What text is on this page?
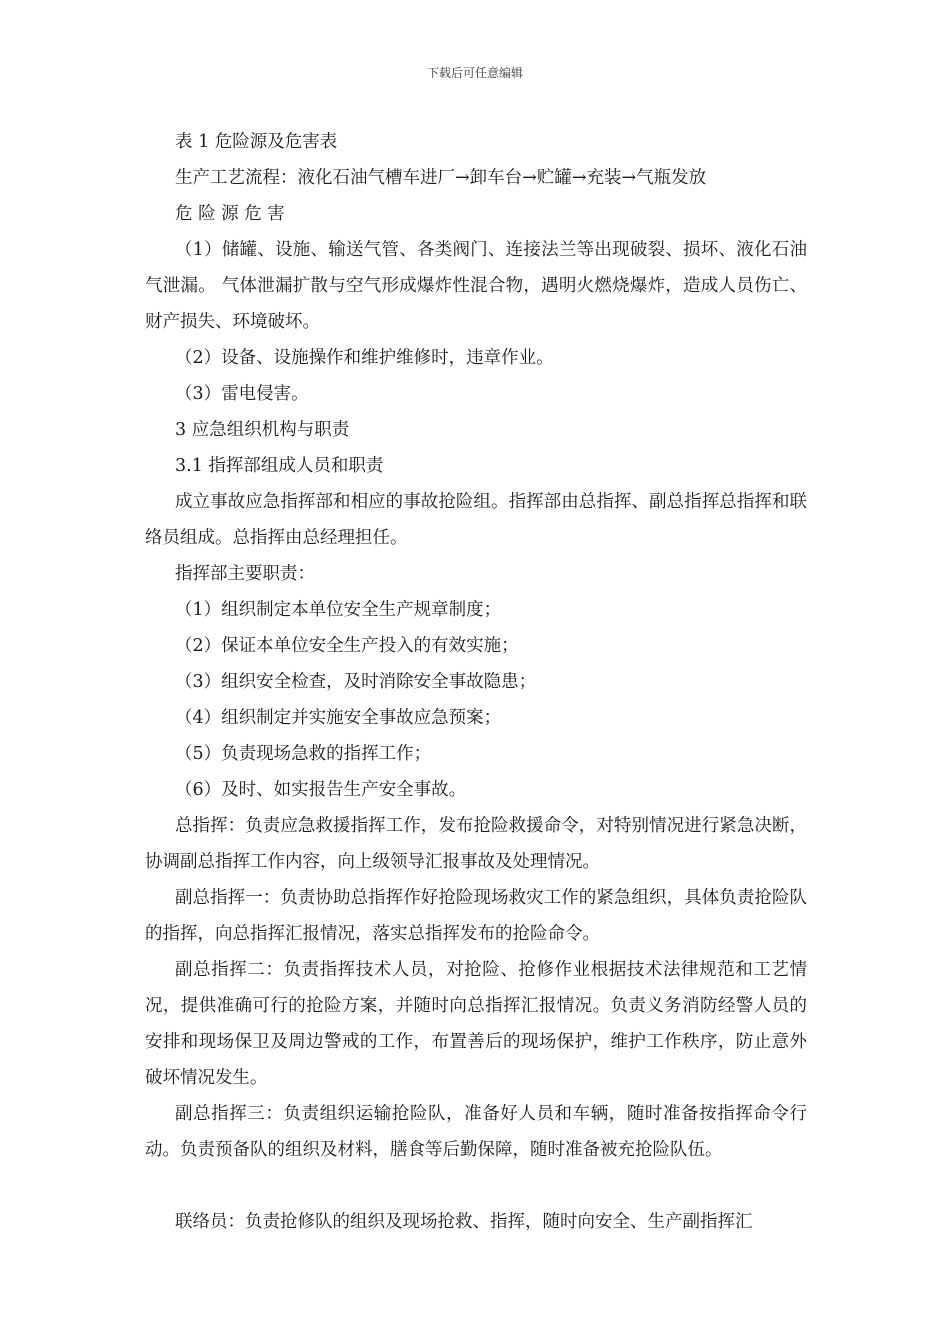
下载后可任意编辑

表 1 危险源及危害表

生产工艺流程：液化石油气槽车进厂→卸车台→贮罐→充装→气瓶发放

危 险 源 危 害

（1）储罐、设施、输送气管、各类阀门、连接法兰等出现破裂、损坏、液化石油气泄漏。 气体泄漏扩散与空气形成爆炸性混合物，遇明火燃烧爆炸，造成人员伤亡、财产损失、环境破坏。

（2）设备、设施操作和维护维修时，违章作业。

（3）雷电侵害。

3 应急组织机构与职责

3.1 指挥部组成人员和职责

成立事故应急指挥部和相应的事故抢险组。指挥部由总指挥、副总指挥总指挥和联络员组成。总指挥由总经理担任。

指挥部主要职责：

（1）组织制定本单位安全生产规章制度；

（2）保证本单位安全生产投入的有效实施；

（3）组织安全检查，及时消除安全事故隐患；

（4）组织制定并实施安全事故应急预案；

（5）负责现场急救的指挥工作；

（6）及时、如实报告生产安全事故。

总指挥：负责应急救援指挥工作，发布抢险救援命令，对特别情况进行紧急决断，协调副总指挥工作内容，向上级领导汇报事故及处理情况。

副总指挥一：负责协助总指挥作好抢险现场救灾工作的紧急组织，具体负责抢险队的指挥，向总指挥汇报情况，落实总指挥发布的抢险命令。

副总指挥二：负责指挥技术人员，对抢险、抢修作业根据技术法律规范和工艺情况，提供准确可行的抢险方案，并随时向总指挥汇报情况。负责义务消防经警人员的安排和现场保卫及周边警戒的工作，布置善后的现场保护，维护工作秩序，防止意外破坏情况发生。

副总指挥三：负责组织运输抢险队，准备好人员和车辆，随时准备按指挥命令行动。负责预备队的组织及材料，膳食等后勤保障，随时准备被充抢险队伍。

联络员：负责抢修队的组织及现场抢救、指挥，随时向安全、生产副指挥汇
